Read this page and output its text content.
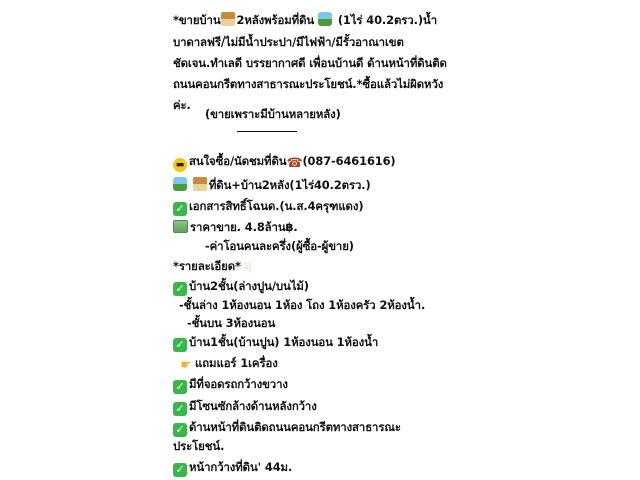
*ขายบ้าน 2หลังพร้อมที่ดิน (1ไร่ 40.2ตรว.)น้ำ
บาดาลฟรี/ไม่มีน้ำประปา/มีไฟฟ้า/มีรั้วอาณาเขต
ชัดเจน.ทำเลดี บรรยากาศดี เพื่อนบ้านดี ด้านหน้าที่ดินติด
ถนนคอนกรีตทางสาธารณะประโยชน์.*ซื้อแล้วไม่ผิดหวัง
ค่ะ.
(ขายเพราะมีบ้านหลายหลัง)
▬สนใจซื้อ/นัดชมที่ดิน☎ (087-6461616)
ที่ดิน+บ้าน2หลัง(1ไร่40.2ตรว.)
✓เอกสารสิทธิ์โฉนด.(น.ส.4ครุฑแดง)
ราคาขาย. 4.8ล้าน฿.
-ค่าโอนคนละครึ่ง(ผู้ซื้อ-ผู้ขาย)
*รายละเอียด*☟
✓บ้าน2ชั้น(ล่างปูน/บนไม้)
-ชั้นล่าง 1ห้องนอน 1ห้อง โถง 1ห้องครัว 2ห้องน้ำ.
-ชั้นบน 3ห้องนอน
✓บ้าน1ชั้น(บ้านปูน) 1ห้องนอน 1ห้องน้ำ
☛แถมแอร์ 1เครื่อง
✓มีที่จอดรถกว้างขวาง
✓มีโซนซักล้างด้านหลังกว้าง
✓ด้านหน้าที่ดินติดถนนคอนกรีตทางสาธารณะ
ประโยชน์.
✓หน้ากว้างที่ดิน' 44ม.
